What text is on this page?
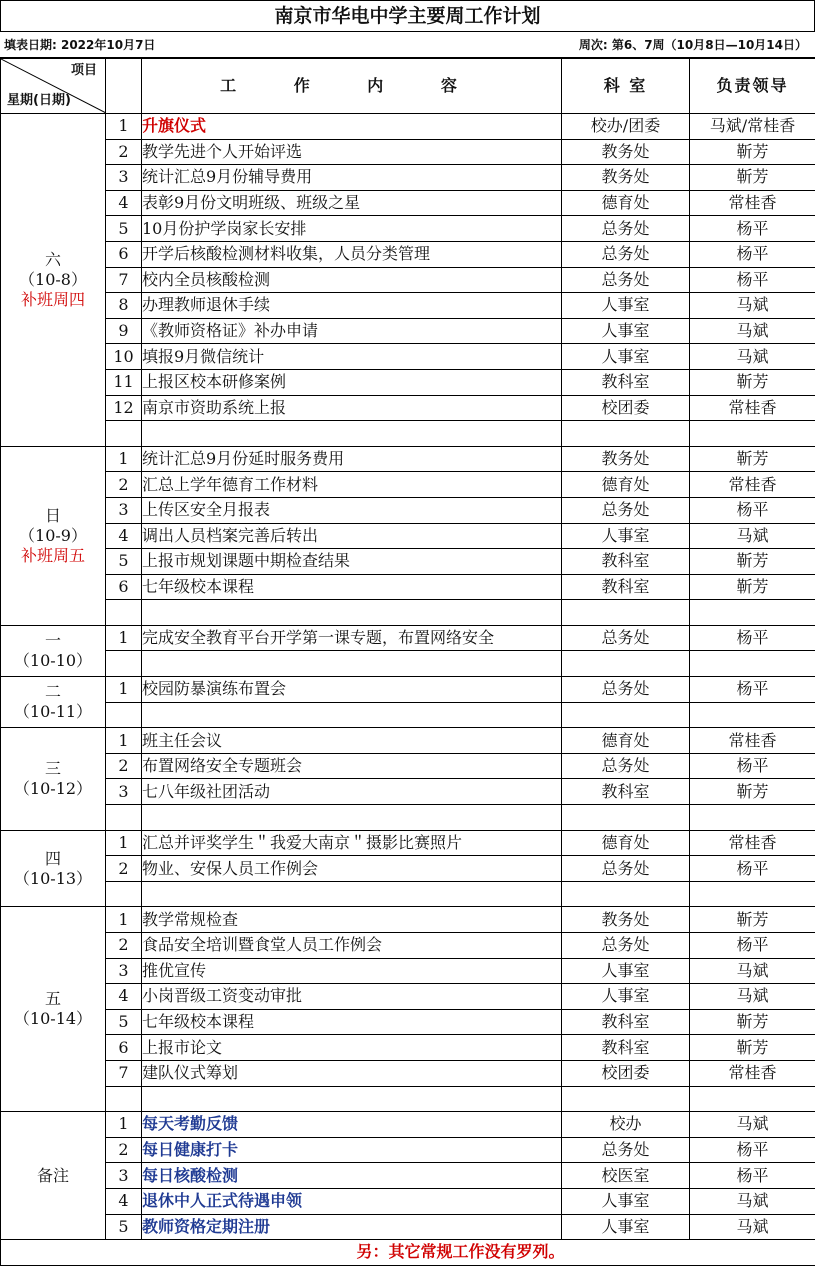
南京市华电中学主要周工作计划
填表日期: 2022年10月7日	周次: 第6、7周（10月8日—10月14日）
项目
星期(日期)		工 作 内 容	科 室	负责领导

六
（10-8）
补班周四	1	升旗仪式	校办/团委	马斌/常桂香
	2	教学先进个人开始评选	教务处	靳芳
	3	统计汇总9月份辅导费用	教务处	靳芳
	4	表彰9月份文明班级、班级之星	德育处	常桂香
	5	10月份护学岗家长安排	总务处	杨平
	6	开学后核酸检测材料收集，人员分类管理	总务处	杨平
	7	校内全员核酸检测	总务处	杨平
	8	办理教师退休手续	人事室	马斌
	9	《教师资格证》补办申请	人事室	马斌
	10	填报9月微信统计	人事室	马斌
	11	上报区校本研修案例	教科室	靳芳
	12	南京市资助系统上报	校团委	常桂香

日
（10-9）
补班周五	1	统计汇总9月份延时服务费用	教务处	靳芳
	2	汇总上学年德育工作材料	德育处	常桂香
	3	上传区安全月报表	总务处	杨平
	4	调出人员档案完善后转出	人事室	马斌
	5	上报市规划课题中期检查结果	教科室	靳芳
	6	七年级校本课程	教科室	靳芳

一
（10-10）	1	完成安全教育平台开学第一课专题，布置网络安全	总务处	杨平

二
（10-11）	1	校园防暴演练布置会	总务处	杨平

三
（10-12）	1	班主任会议	德育处	常桂香
	2	布置网络安全专题班会	总务处	杨平
	3	七八年级社团活动	教科室	靳芳

四
（10-13）	1	汇总并评奖学生＂我爱大南京＂摄影比赛照片	德育处	常桂香
	2	物业、安保人员工作例会	总务处	杨平

五
（10-14）	1	教学常规检查	教务处	靳芳
	2	食品安全培训暨食堂人员工作例会	总务处	杨平
	3	推优宣传	人事室	马斌
	4	小岗晋级工资变动审批	人事室	马斌
	5	七年级校本课程	教科室	靳芳
	6	上报市论文	教科室	靳芳
	7	建队仪式筹划	校团委	常桂香

备注	1	每天考勤反馈	校办	马斌
	2	每日健康打卡	总务处	杨平
	3	每日核酸检测	校医室	杨平
	4	退休中人正式待遇申领	人事室	马斌
	5	教师资格定期注册	人事室	马斌
另：其它常规工作没有罗列。				
